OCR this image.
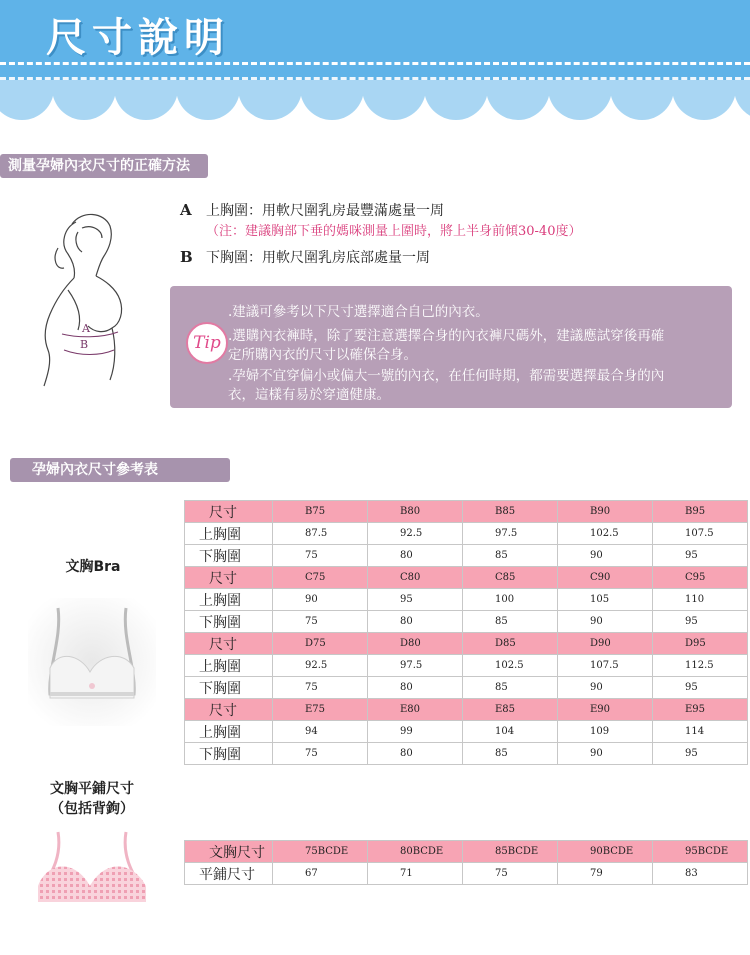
尺寸說明
測量孕婦內衣尺寸的正確方法
A
B
A 上胸圍：用軟尺圍乳房最豐滿處量一周
（注：建議胸部下垂的媽咪測量上圍時，將上半身前傾30-40度）
B 下胸圍：用軟尺圍乳房底部處量一周
Tip
.建議可參考以下尺寸選擇適合自己的內衣。
.選購內衣褲時，除了要注意選擇合身的內衣褲尺碼外，建議應試穿後再確
定所購內衣的尺寸以確保合身。
.孕婦不宜穿偏小或偏大一號的內衣，在任何時期，都需要選擇最合身的內
衣，這樣有易於穿適健康。
孕婦內衣尺寸參考表
文胸Bra
文胸平鋪尺寸
（包括背鉤）
尺寸	B75	B80	B85	B90	B95
上胸圍	87.5	92.5	97.5	102.5	107.5
下胸圍	75	80	85	90	95
尺寸	C75	C80	C85	C90	C95
上胸圍	90	95	100	105	110
下胸圍	75	80	85	90	95
尺寸	D75	D80	D85	D90	D95
上胸圍	92.5	97.5	102.5	107.5	112.5
下胸圍	75	80	85	90	95
尺寸	E75	E80	E85	E90	E95
上胸圍	94	99	104	109	114
下胸圍	75	80	85	90	95
文胸尺寸	75BCDE	80BCDE	85BCDE	90BCDE	95BCDE
平鋪尺寸	67	71	75	79	83
